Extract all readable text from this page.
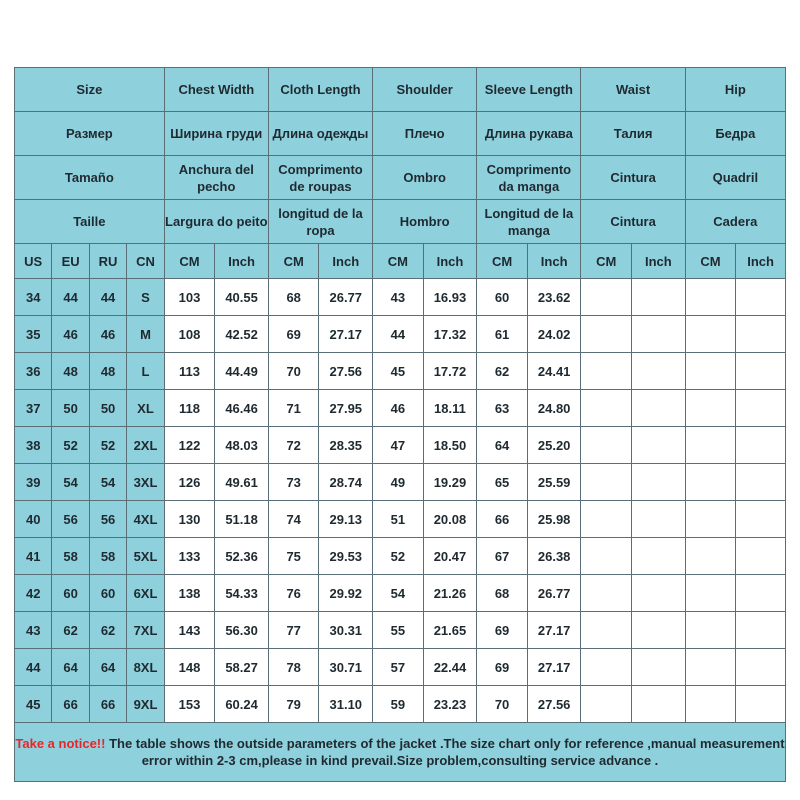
Size				Chest Width		Cloth Length		Shoulder		Sleeve Length		Waist		Hip	
Размер				Ширина груди		Длина одежды		Плечо		Длина рукава		Талия		Бедра	
Tamaño				Anchura del pecho		Comprimento de roupas		Ombro		Comprimento da manga		Cintura		Quadril	
Taille				Largura do peito		longitud de la ropa		Hombro		Longitud de la manga		Cintura		Cadera	
US	EU	RU	CN	CM	Inch	CM	Inch	CM	Inch	CM	Inch	CM	Inch	CM	Inch
34	44	44	S	103	40.55	68	26.77	43	16.93	60	23.62				
35	46	46	M	108	42.52	69	27.17	44	17.32	61	24.02				
36	48	48	L	113	44.49	70	27.56	45	17.72	62	24.41				
37	50	50	XL	118	46.46	71	27.95	46	18.11	63	24.80				
38	52	52	2XL	122	48.03	72	28.35	47	18.50	64	25.20				
39	54	54	3XL	126	49.61	73	28.74	49	19.29	65	25.59				
40	56	56	4XL	130	51.18	74	29.13	51	20.08	66	25.98				
41	58	58	5XL	133	52.36	75	29.53	52	20.47	67	26.38				
42	60	60	6XL	138	54.33	76	29.92	54	21.26	68	26.77				
43	62	62	7XL	143	56.30	77	30.31	55	21.65	69	27.17				
44	64	64	8XL	148	58.27	78	30.71	57	22.44	69	27.17				
45	66	66	9XL	153	60.24	79	31.10	59	23.23	70	27.56				
Take a notice!! The table shows the outside parameters of the jacket .The size chart only for reference ,manual measurement error within 2-3 cm,please in kind prevail.Size problem,consulting service advance .															
